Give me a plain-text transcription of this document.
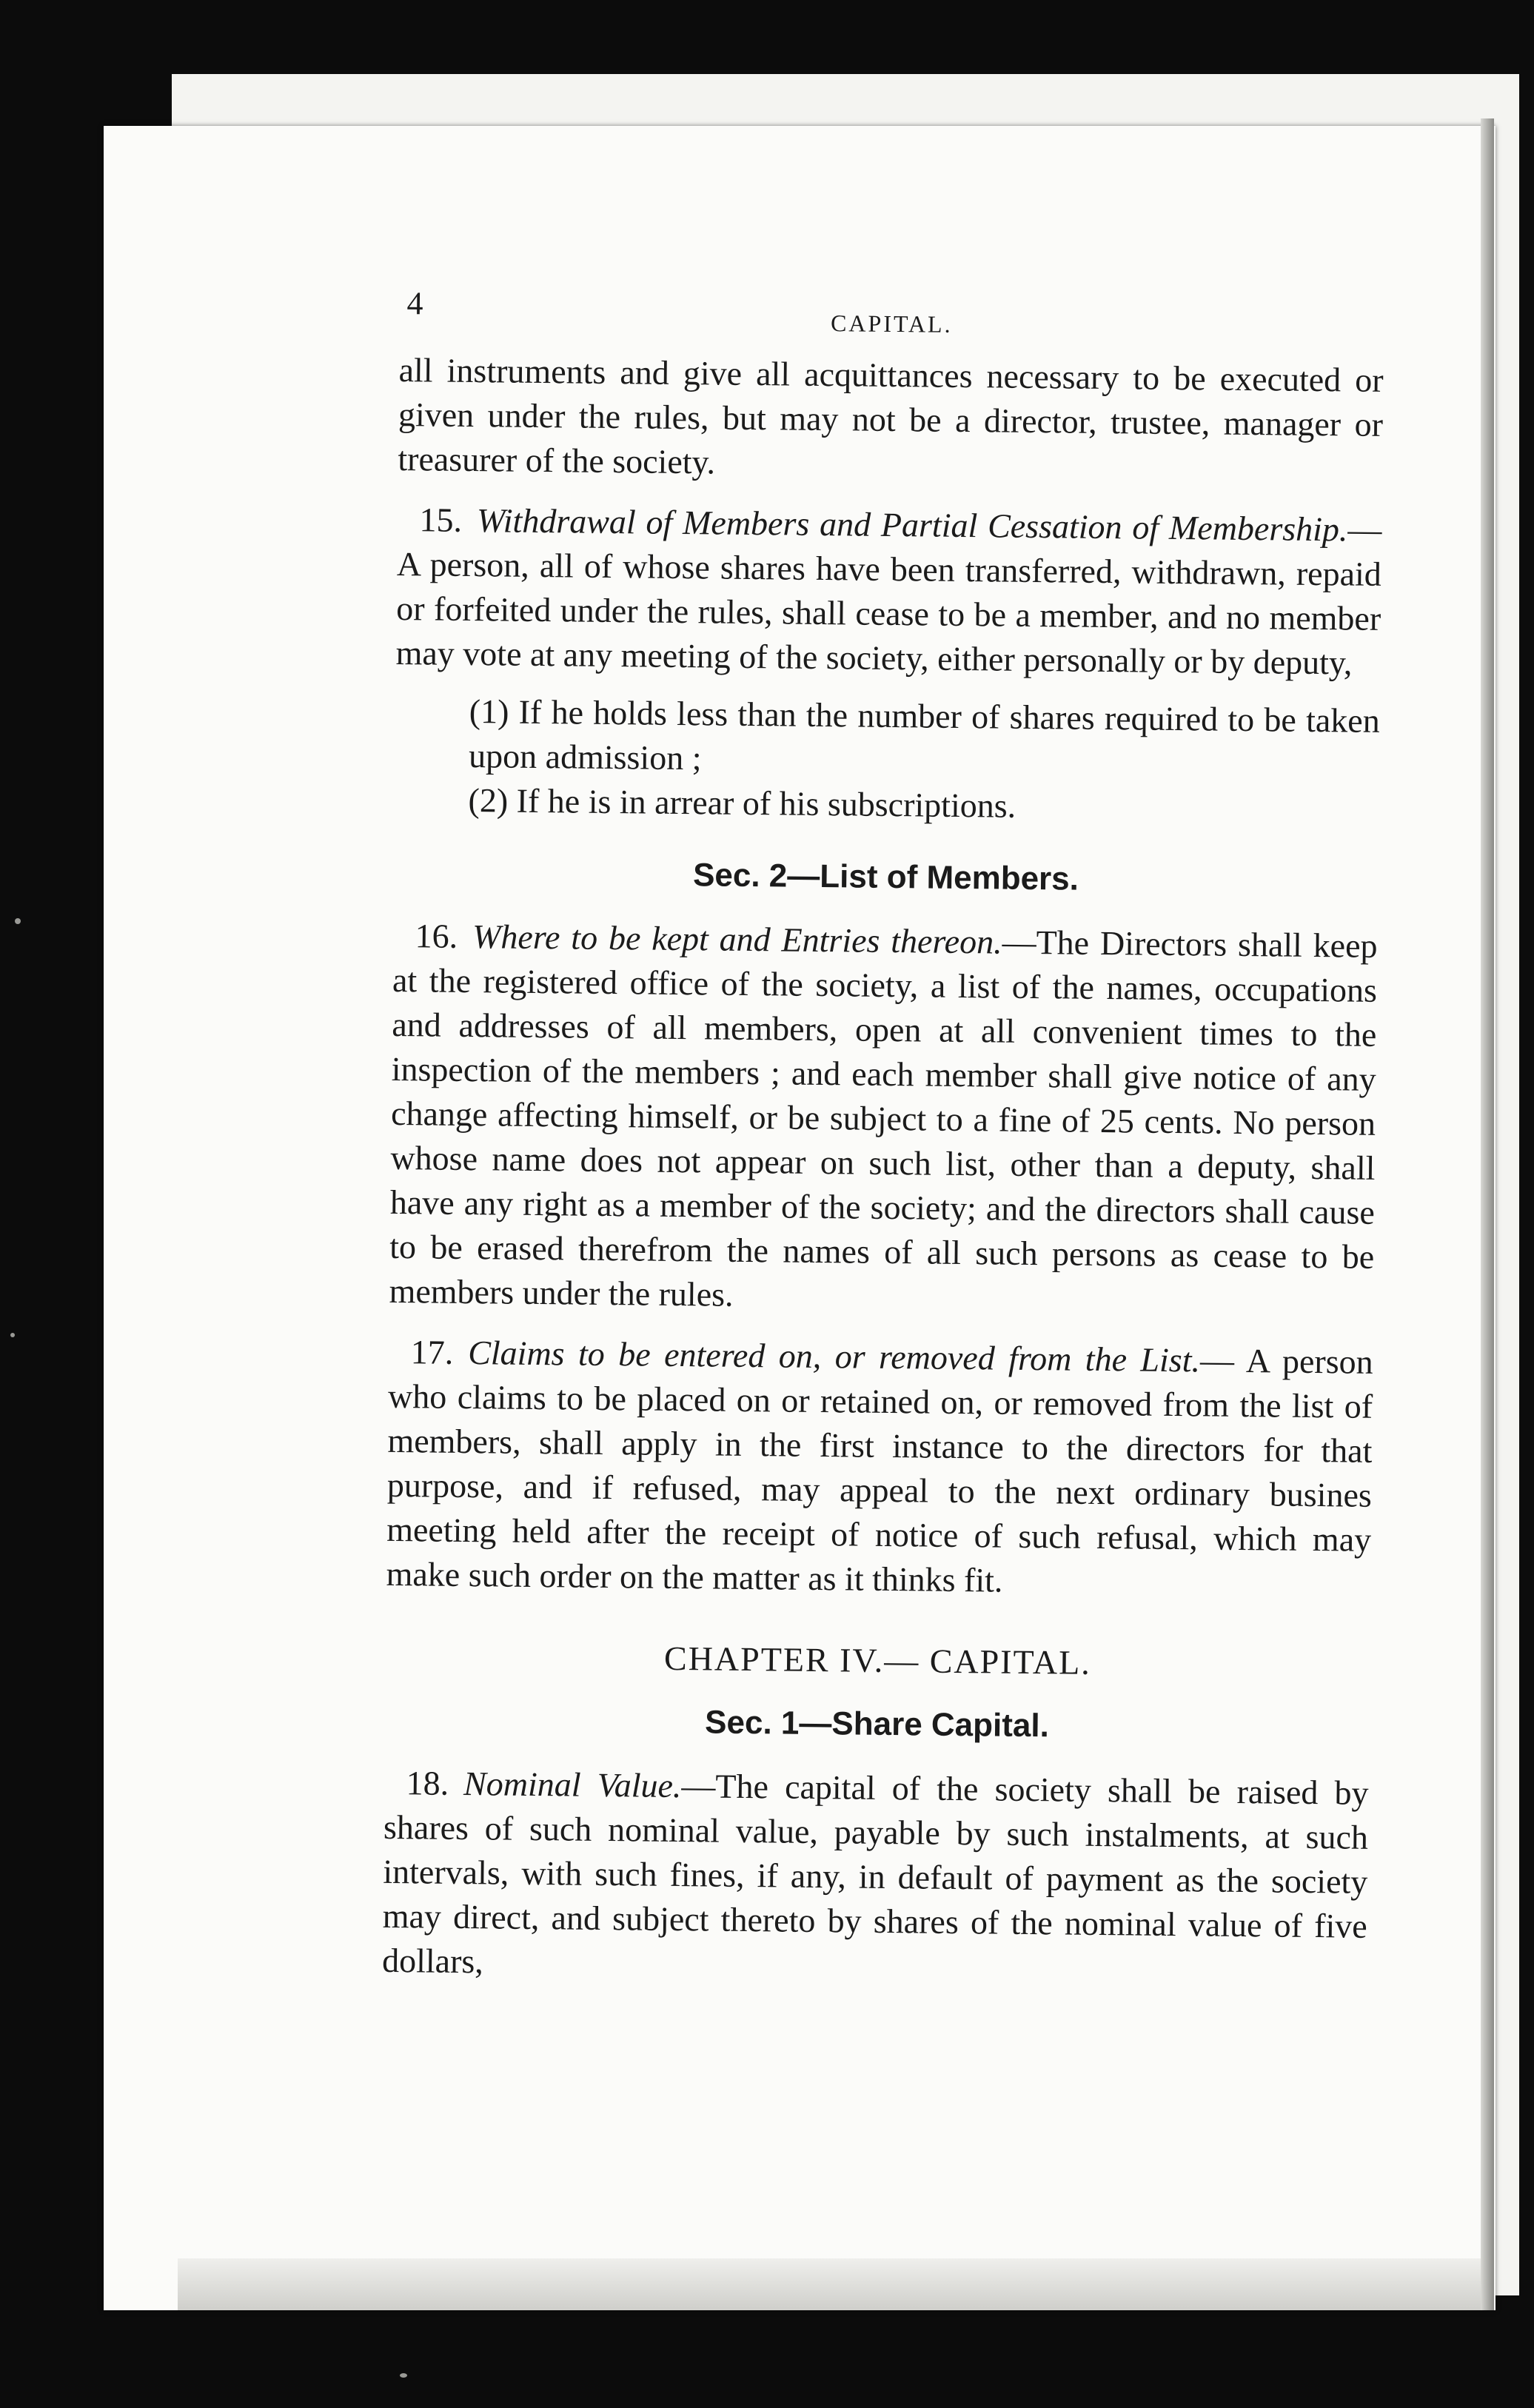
4
CAPITAL.

all instruments and give all acquittances necessary to be executed or given under the rules, but may not be a director, trustee, manager or treasurer of the society.

15. Withdrawal of Members and Partial Cessation of Membership.—A person, all of whose shares have been transferred, withdrawn, repaid or forfeited under the rules, shall cease to be a member, and no member may vote at any meeting of the society, either personally or by deputy,

(1) If he holds less than the number of shares required to be taken upon admission ;

(2) If he is in arrear of his subscriptions.

Sec. 2—List of Members.

16. Where to be kept and Entries thereon.—The Directors shall keep at the registered office of the society, a list of the names, occupations and addresses of all members, open at all convenient times to the inspection of the members ; and each member shall give notice of any change affecting himself, or be subject to a fine of 25 cents. No person whose name does not appear on such list, other than a deputy, shall have any right as a member of the society; and the directors shall cause to be erased therefrom the names of all such persons as cease to be members under the rules.

17. Claims to be entered on, or removed from the List.— A person who claims to be placed on or retained on, or removed from the list of members, shall apply in the first instance to the directors for that purpose, and if refused, may appeal to the next ordinary busines meeting held after the receipt of notice of such refusal, which may make such order on the matter as it thinks fit.

CHAPTER IV.— CAPITAL.
Sec. 1—Share Capital.

18. Nominal Value.—The capital of the society shall be raised by shares of such nominal value, payable by such instalments, at such intervals, with such fines, if any, in default of payment as the society may direct, and subject thereto by shares of the nominal value of five dollars,
